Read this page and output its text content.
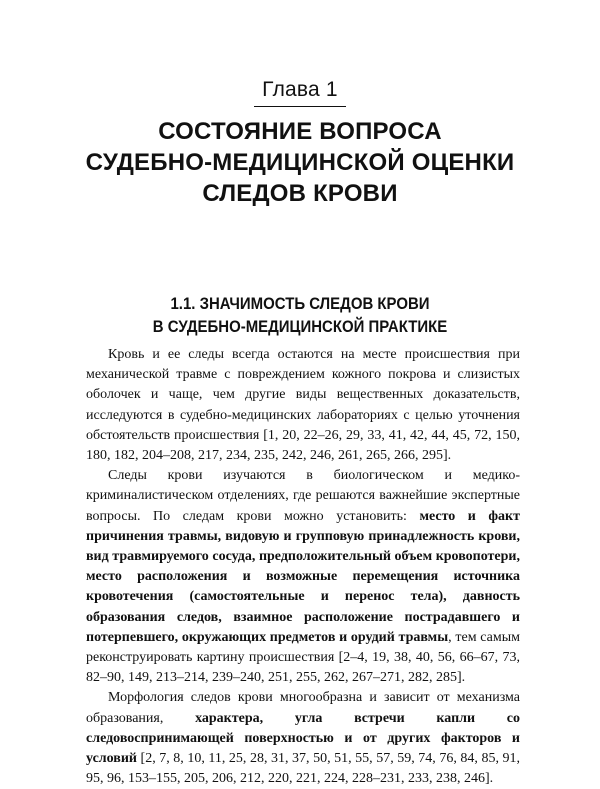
Глава 1
СОСТОЯНИЕ ВОПРОСА
СУДЕБНО-МЕДИЦИНСКОЙ ОЦЕНКИ
СЛЕДОВ КРОВИ
1.1. ЗНАЧИМОСТЬ СЛЕДОВ КРОВИ
В СУДЕБНО-МЕДИЦИНСКОЙ ПРАКТИКЕ

Кровь и ее следы всегда остаются на месте происшествия при механической травме с повреждением кожного покрова и слизистых оболочек и чаще, чем другие виды вещественных доказательств, исследуются в судебно-медицинских лабораториях с целью уточнения обстоятельств происшествия [1, 20, 22–26, 29, 33, 41, 42, 44, 45, 72, 150, 180, 182, 204–208, 217, 234, 235, 242, 246, 261, 265, 266, 295].

Следы крови изучаются в биологическом и медико-криминалистическом отделениях, где решаются важнейшие экспертные вопросы. По следам крови можно установить: место и факт причинения травмы, видовую и групповую принадлежность крови, вид травмируемого сосуда, предположительный объем кровопотери, место расположения и возможные перемещения источника кровотечения (самостоятельные и перенос тела), давность образования следов, взаимное расположение пострадавшего и потерпевшего, окружающих предметов и орудий травмы, тем самым реконструировать картину происшествия [2–4, 19, 38, 40, 56, 66–67, 73, 82–90, 149, 213–214, 239–240, 251, 255, 262, 267–271, 282, 285].

Морфология следов крови многообразна и зависит от механизма образования, характера, угла встречи капли со следовоспринимающей поверхностью и от других факторов и условий [2, 7, 8, 10, 11, 25, 28, 31, 37, 50, 51, 55, 57, 59, 74, 76, 84, 85, 91, 95, 96, 153–155, 205, 206, 212, 220, 221, 224, 228–231, 233, 238, 246].
